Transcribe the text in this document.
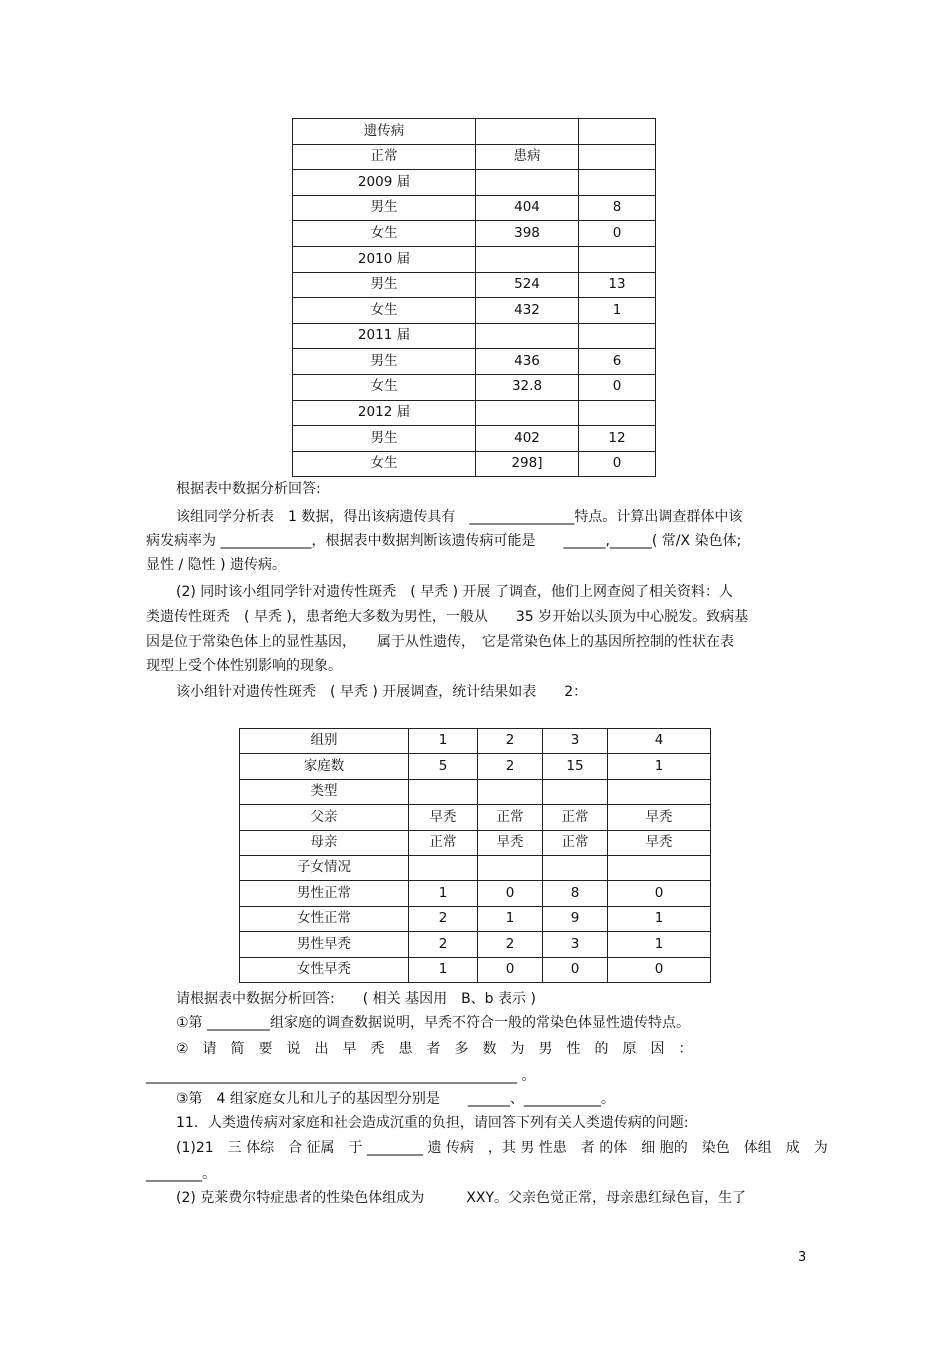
遗传病		
正常	患病	
2009 届		
男生	404	8
女生	398	0
2010 届		
男生	524	13
女生	432	1
2011 届		
男生	436	6
女生	32.8	0
2012 届		
男生	402	12
女生	298]	0
根据表中数据分析回答:
该组同学分析表　1 数据，得出该病遗传具有　_______________特点。计算出调查群体中该
病发病率为 _____________，根据表中数据判断该遗传病可能是　　______,______( 常/X 染色体;
显性 / 隐性 ) 遗传病。
(2) 同时该小组同学针对遗传性斑秃　( 早秃 ) 开展 了调查，他们上网查阅了相关资料：人
类遗传性斑秃　( 早秃 )，患者绝大多数为男性，一般从　　35 岁开始以头顶为中心脱发。致病基
因是位于常染色体上的显性基因，　　属于从性遗传，　它是常染色体上的基因所控制的性状在表
现型上受个体性别影响的现象。
该小组针对遗传性斑秃　( 早秃 ) 开展调查，统计结果如表　　2：
组别	1	2	3	4
家庭数	5	2	15	1
类型				
父亲	早秃	正常	正常	早秃
母亲	正常	早秃	正常	早秃
子女情况				
男性正常	1	0	8	0
女性正常	2	1	9	1
男性早秃	2	2	3	1
女性早秃	1	0	0	0
请根据表中数据分析回答:　　( 相关 基因用　B、b 表示 )
①第 _________组家庭的调查数据说明，早秃不符合一般的常染色体显性遗传特点。
②　请　简　要　说　出　早　秃　患　者　多　数　为　男　性　的　原　因　：
_____________________________________________________ 。
③第　4 组家庭女儿和儿子的基因型分别是　　______、___________。
11．人类遗传病对家庭和社会造成沉重的负担，请回答下列有关人类遗传病的问题:
(1)21　三 体综　合 征属　于 ________ 遗 传病　，其 男 性患　者 的体　细 胞的　染色　体组　成　为
________。
(2) 克莱费尔特症患者的性染色体组成为　　　XXY。父亲色觉正常，母亲患红绿色盲，生了
3
